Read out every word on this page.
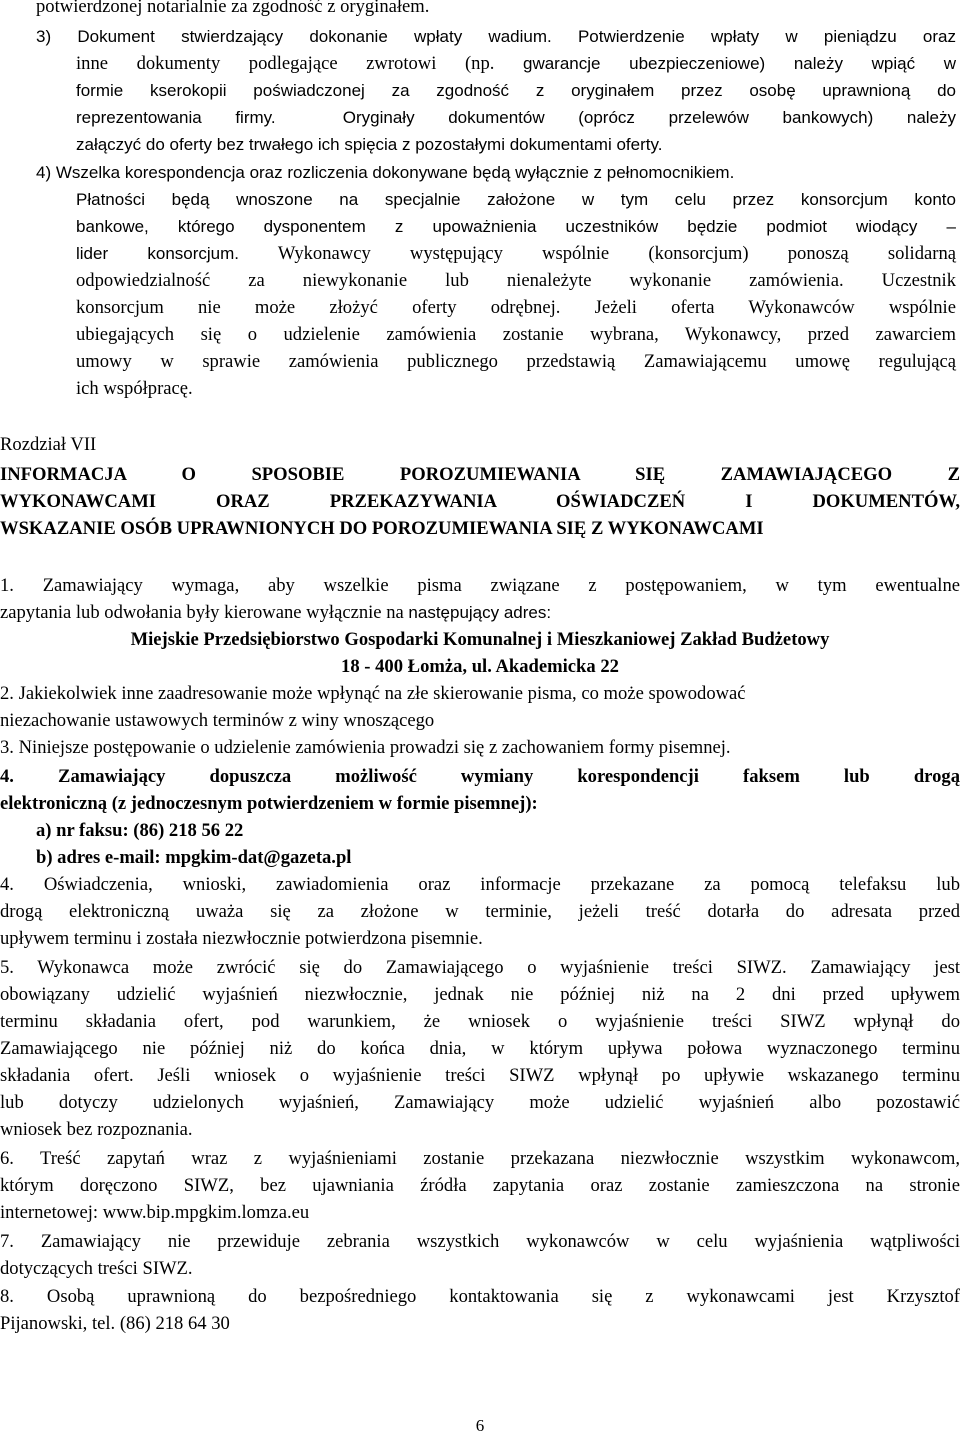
potwierdzonej notarialnie za zgodność z oryginałem.
3) Dokument stwierdzający dokonanie wpłaty wadium. Potwierdzenie wpłaty w pieniądzu oraz
inne dokumenty podlegające zwrotowi (np. gwarancje ubezpieczeniowe) należy wpiąć w
formie kserokopii poświadczonej za zgodność z oryginałem przez osobę uprawnioną do
reprezentowania firmy.	Oryginały dokumentów (oprócz przelewów bankowych) należy
załączyć do oferty bez trwałego ich spięcia z pozostałymi dokumentami oferty.
4) Wszelka korespondencja oraz rozliczenia dokonywane będą wyłącznie z pełnomocnikiem.
Płatności będą wnoszone na specjalnie założone w tym celu przez konsorcjum konto
bankowe, którego dysponentem z upoważnienia uczestników będzie podmiot wiodący –
lider konsorcjum. Wykonawcy występujący wspólnie (konsorcjum) ponoszą solidarną
odpowiedzialność za niewykonanie lub nienależyte wykonanie zamówienia. Uczestnik
konsorcjum nie może złożyć oferty odrębnej. Jeżeli oferta Wykonawców wspólnie
ubiegających się o udzielenie zamówienia zostanie wybrana, Wykonawcy, przed zawarciem
umowy w sprawie zamówienia publicznego przedstawią Zamawiającemu umowę regulującą
ich współpracę.
Rozdział VII
INFORMACJA O SPOSOBIE POROZUMIEWANIA SIĘ ZAMAWIAJĄCEGO Z
WYKONAWCAMI ORAZ PRZEKAZYWANIA OŚWIADCZEŃ I DOKUMENTÓW,
WSKAZANIE OSÓB UPRAWNIONYCH DO POROZUMIEWANIA SIĘ Z WYKONAWCAMI
1. Zamawiający wymaga, aby wszelkie pisma związane z postępowaniem, w tym ewentualne
zapytania lub odwołania były kierowane wyłącznie na następujący adres:
Miejskie Przedsiębiorstwo Gospodarki Komunalnej i Mieszkaniowej Zakład Budżetowy
18 - 400 Łomża, ul. Akademicka 22
2. Jakiekolwiek inne zaadresowanie może wpłynąć na złe skierowanie pisma, co może spowodować
niezachowanie ustawowych terminów z winy wnoszącego
3. Niniejsze postępowanie o udzielenie zamówienia prowadzi się z zachowaniem formy pisemnej.
4. Zamawiający dopuszcza możliwość wymiany korespondencji faksem lub drogą
elektroniczną (z jednoczesnym potwierdzeniem w formie pisemnej):
a) nr faksu: (86) 218 56 22
b) adres e-mail: mpgkim-dat@gazeta.pl
4. Oświadczenia, wnioski, zawiadomienia oraz informacje przekazane za pomocą telefaksu lub
drogą elektroniczną uważa się za złożone w terminie, jeżeli treść dotarła do adresata przed
upływem terminu i została niezwłocznie potwierdzona pisemnie.
5. Wykonawca może zwrócić się do Zamawiającego o wyjaśnienie treści SIWZ. Zamawiający jest
obowiązany udzielić wyjaśnień niezwłocznie, jednak nie później niż na 2 dni przed upływem
terminu składania ofert, pod warunkiem, że wniosek o wyjaśnienie treści SIWZ wpłynął do
Zamawiającego nie później niż do końca dnia, w którym upływa połowa wyznaczonego terminu
składania ofert. Jeśli wniosek o wyjaśnienie treści SIWZ wpłynął po upływie wskazanego terminu
lub dotyczy udzielonych wyjaśnień, Zamawiający może udzielić wyjaśnień albo pozostawić
wniosek bez rozpoznania.
6. Treść zapytań wraz z wyjaśnieniami zostanie przekazana niezwłocznie wszystkim wykonawcom,
którym doręczono SIWZ, bez ujawniania źródła zapytania oraz zostanie zamieszczona na stronie
internetowej: www.bip.mpgkim.lomza.eu
7. Zamawiający nie przewiduje zebrania wszystkich wykonawców w celu wyjaśnienia wątpliwości
dotyczących treści SIWZ.
8. Osobą uprawnioną do bezpośredniego kontaktowania się z wykonawcami jest Krzysztof
Pijanowski, tel. (86) 218 64 30
6
